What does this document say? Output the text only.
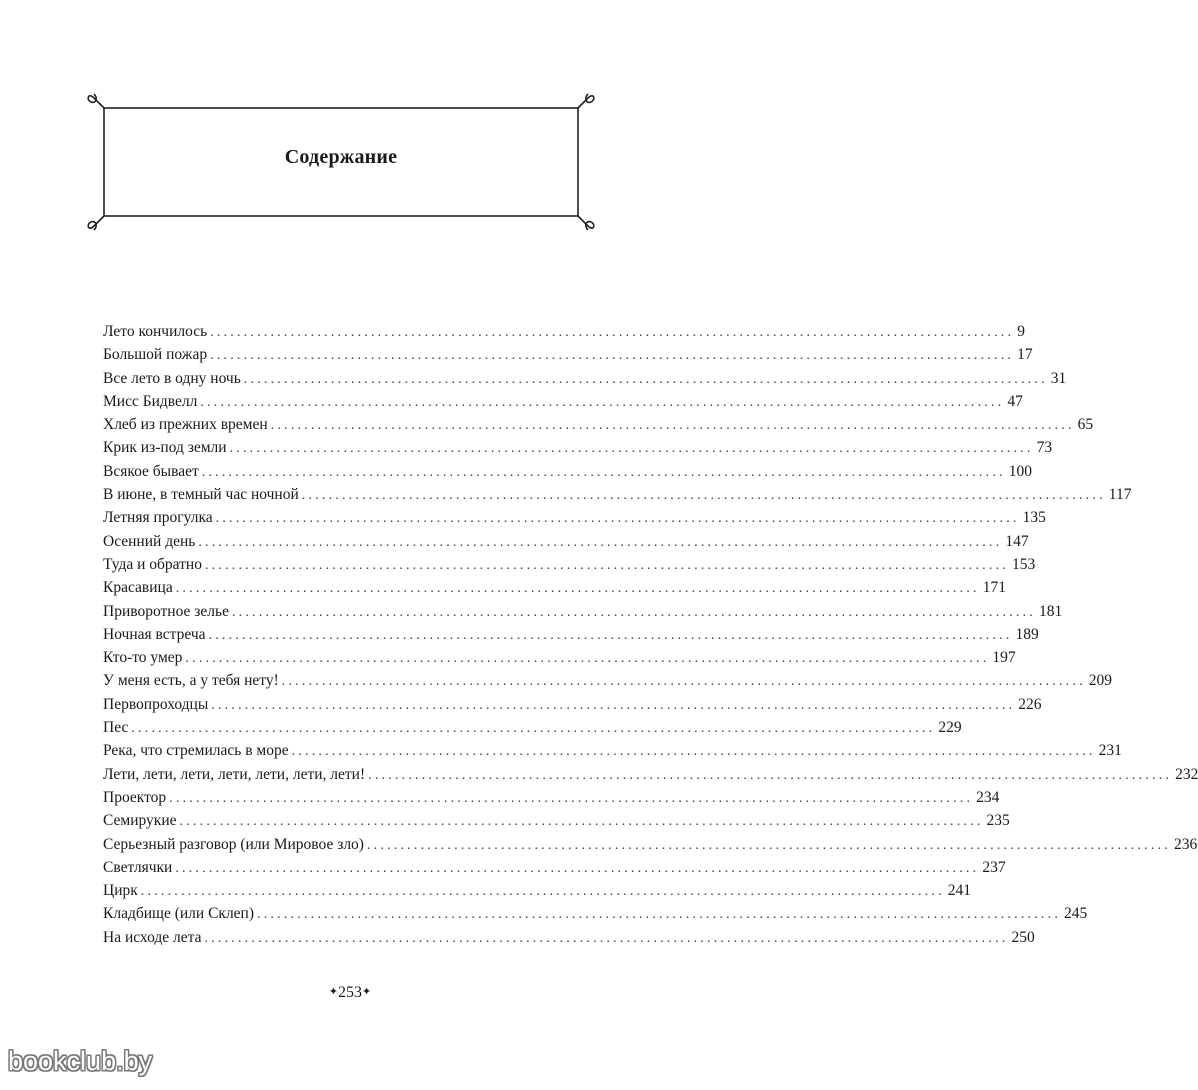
Содержание
Лето кончилось ........................................................................................................................ 9
Большой пожар ........................................................................................................................ 17
Все лето в одну ночь ........................................................................................................................ 31
Мисс Бидвелл ........................................................................................................................ 47
Хлеб из прежних времен ........................................................................................................................ 65
Крик из-под земли ........................................................................................................................ 73
Всякое бывает ........................................................................................................................ 100
В июне, в темный час ночной ........................................................................................................................ 117
Летняя прогулка ........................................................................................................................ 135
Осенний день ........................................................................................................................ 147
Туда и обратно ........................................................................................................................ 153
Красавица ........................................................................................................................ 171
Приворотное зелье ........................................................................................................................ 181
Ночная встреча ........................................................................................................................ 189
Кто-то умер ........................................................................................................................ 197
У меня есть, а у тебя нету! ........................................................................................................................ 209
Первопроходцы ........................................................................................................................ 226
Пес ........................................................................................................................ 229
Река, что стремилась в море ........................................................................................................................ 231
Лети, лети, лети, лети, лети, лети, лети! ........................................................................................................................ 232
Проектор ........................................................................................................................ 234
Семирукие ........................................................................................................................ 235
Серьезный разговор (или Мировое зло) ........................................................................................................................ 236
Светлячки ........................................................................................................................ 237
Цирк ........................................................................................................................ 241
Кладбище (или Склеп) ........................................................................................................................ 245
На исходе лета ........................................................................................................................ 250
✦253✦
bookclub.by
